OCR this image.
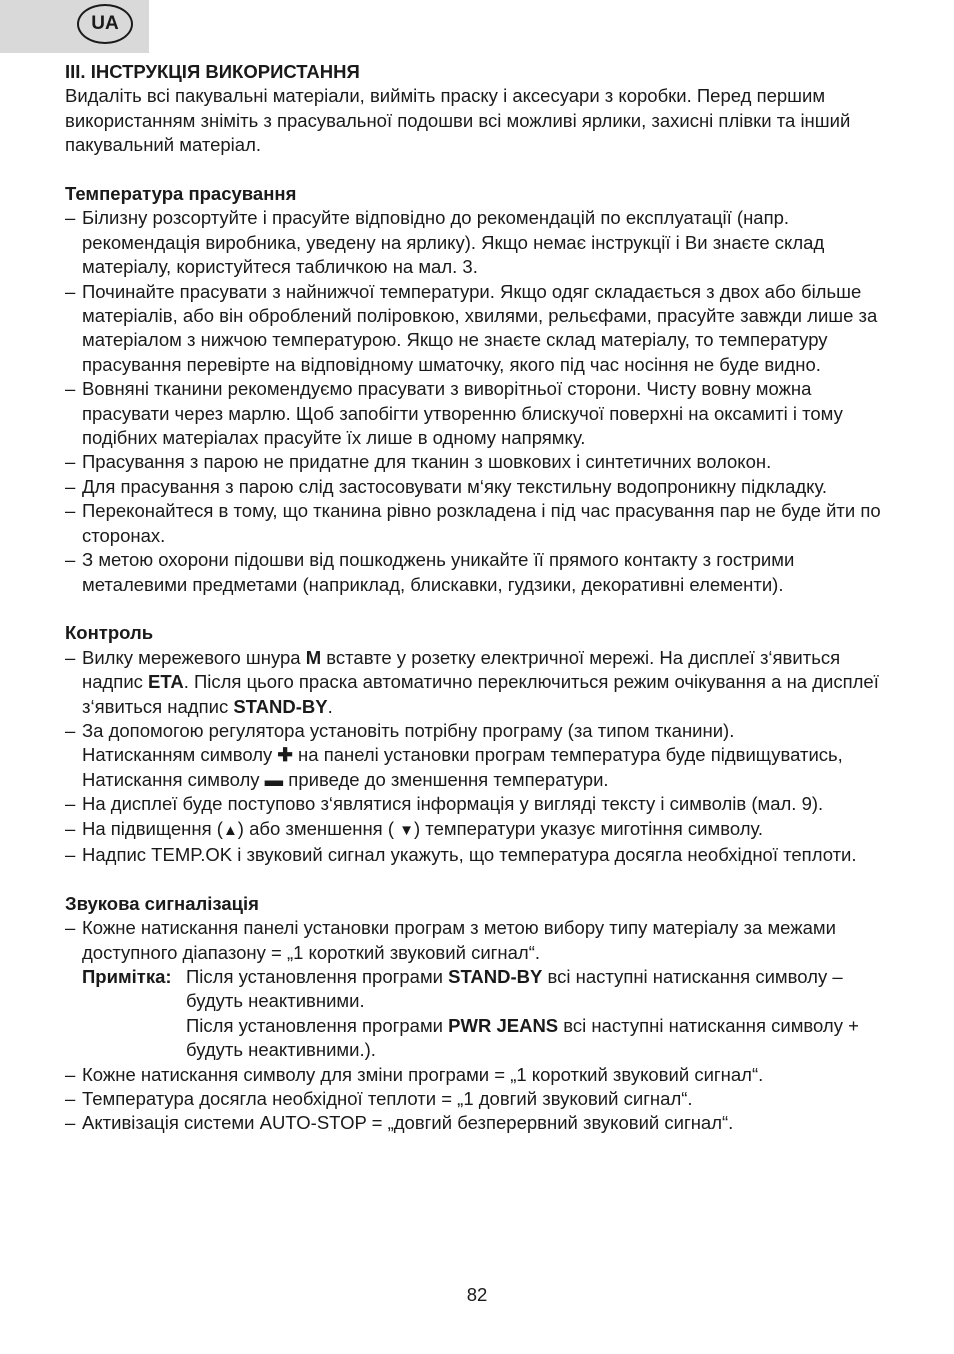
UA

III. ІНСТРУКЦІЯ ВИКОРИСТАННЯ

Видаліть всі пакувальні матеріали, вийміть праску і аксесуари з коробки. Перед першим використанням зніміть з прасувальної подошви всі можливі ярлики, захисні плівки та інший пакувальний матеріал.

Температура прасування

– Білизну розсортуйте і прасуйте відповідно до рекомендацій по експлуатації (напр. рекомендація виробника, уведену на ярлику). Якщо немає інструкції і Ви знаєте склад матеріалу, користуйтеся табличкою на мал. 3.
– Починайте прасувати з найнижчої температури. Якщо одяг складається з двох або більше матеріалів, або він оброблений поліровкою, хвилями, рельєфами, прасуйте завжди лише за матеріалом з нижчою температурою. Якщо не знаєте склад матеріалу, то температуру прасування перевірте на відповідному шматочку, якого під час носіння не буде видно.
– Вовняні тканини рекомендуємо прасувати з виворітньої сторони. Чисту вовну можна прасувати через марлю. Щоб запобігти утворенню блискучої поверхні на оксамиті і тому подібних матеріалах прасуйте їх лише в одному напрямку.
– Прасування з парою не придатне для тканин з шовкових і синтетичних волокон.
– Для прасування з парою слід застосовувати м‘яку текстильну водопроникну підкладку.
– Переконайтеся в тому, що тканина рівно розкладена і під час прасування пар не буде йти по сторонах.
– З метою охорони підошви від пошкоджень уникайте її прямого контакту з гострими металевими предметами (наприклад, блискавки, гудзики, декоративні елементи).

Контроль

– Вилку мережевого шнура M вставте у розетку електричної мережі. На дисплеї з‘явиться надпис ETA. Після цього праска автоматично переключиться режим очікування а на дисплеї з‘явиться надпис STAND-BY.
– За допомогою регулятора установіть потрібну програму (за типом тканини).

Натисканням символу ✚ на панелі установки програм температура буде підвищуватись,

Натискання символу ▬ приведе до зменшення температури.

– На дисплеї буде поступово з‘являтися інформація у вигляді тексту і символів (мал. 9).
– На підвищення (▲) або зменшення ( ▼) температури указує миготіння символу.
– Надпис TEMP.OK і звуковий сигнал укажуть, що температура досягла необхідної теплоти.

Звукова сигналізація

– Кожне натискання панелі установки програм з метою вибору типу матеріалу за межами доступного діапазону = „1 короткий звуковий сигнал“.
Примітка: Після установлення програми STAND-BY всі наступні натискання символу – будуть неактивними.

Після установлення програми PWR JEANS всі наступні натискання символу + будуть неактивними.).

– Кожне натискання символу для зміни програми = „1 короткий звуковий сигнал“.
– Температура досягла необхідної теплоти = „1 довгий звуковий сигнал“.
– Активізація системи AUTO-STOP = „довгий безперервний звуковий сигнал“.
82
